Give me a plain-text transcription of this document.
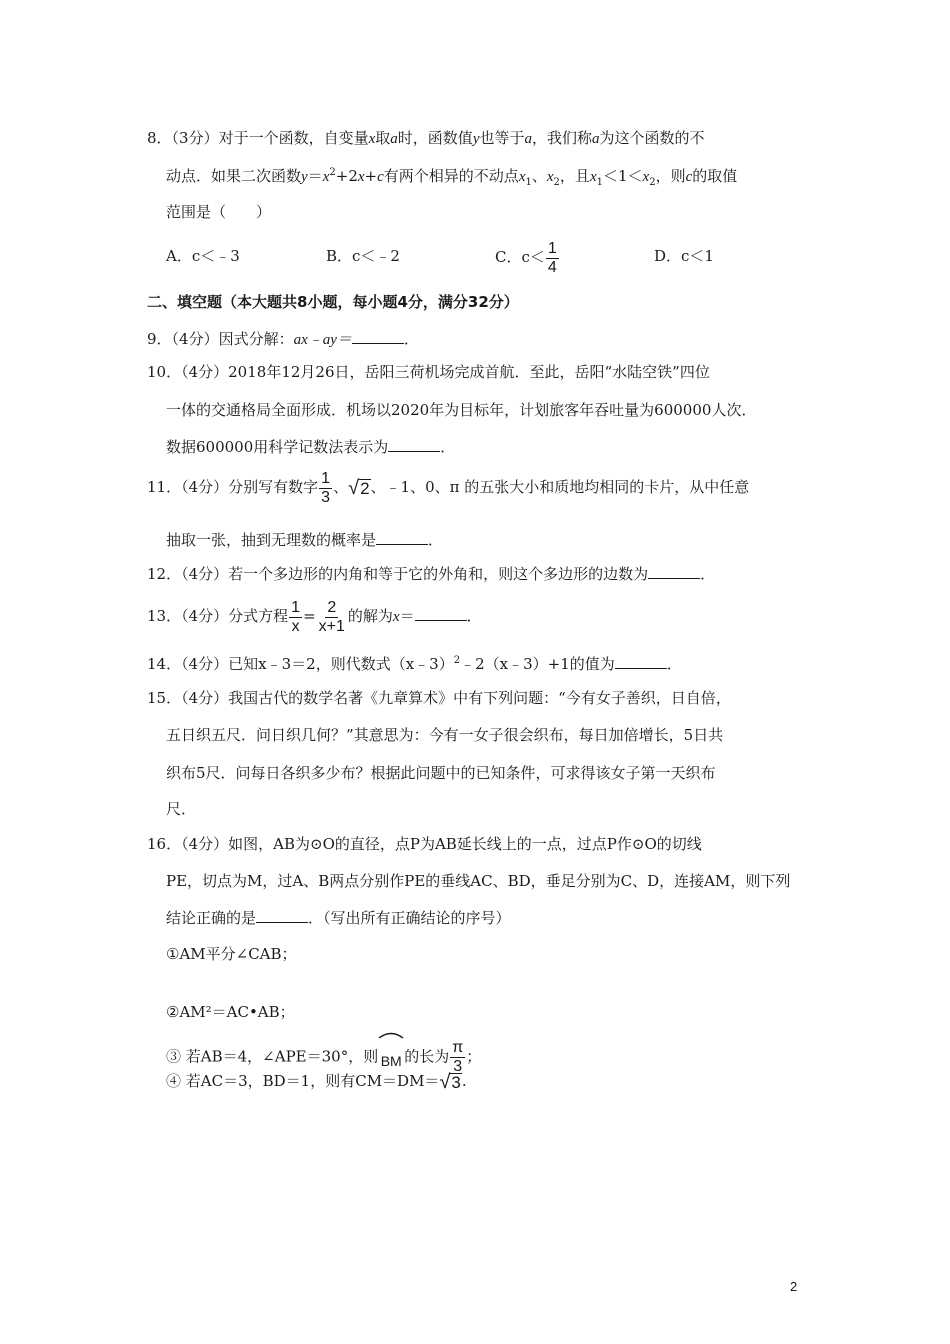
8．（3分）对于一个函数，自变量x取a时，函数值y也等于a，我们称a为这个函数的不
动点．如果二次函数$y=x^2+2x+c$有两个相异的不动点$x_1$、$x_2$，且$x_1<1<x_2$，则c的取值
范围是（　　）
A．c＜﹣3	B．c＜﹣2	C．$c< \frac{1}{4}$	D．c＜1
二、填空题（本大题共8小题，每小题4分，满分32分）
9．（4分）因式分解：ax﹣ay＝	．
10．（4分）2018年12月26日，岳阳三荷机场完成首航．至此，岳阳“水陆空铁”四位
一体的交通格局全面形成．机场以2020年为目标年，计划旅客年吞吐量为600000人次．
数据600000用科学记数法表示为	．
11．（4分）分别写有数字 $\frac{1}{3}$ 、 √ 2 、﹣1、0、π 的五张大小和质地均相同的卡片，从中任意
抽取一张，抽到无理数的概率是	．
12．（4分）若一个多边形的内角和等于它的外角和，则这个多边形的边数为	．
13．（4分）分式方程 $\frac{1}{x} = \frac{2}{x+1}$ 的解为x＝	．
14．（4分）已知x﹣3＝2，则代数式（x﹣3）$^2$﹣2（x﹣3）+1的值为	．
15．（4分）我国古代的数学名著《九章算术》中有下列问题：“今有女子善织，日自倍，
五日织五尺．问日织几何？”其意思为：今有一女子很会织布，每日加倍增长，5日共
织布5尺．问每日各织多少布？根据此问题中的已知条件，可求得该女子第一天织布
尺．
16．（4分）如图，AB为⊙O的直径，点P为AB延长线上的一点，过点P作⊙O的切线
PE，切点为M，过A、B两点分别作PE的垂线AC、BD，垂足分别为C、D，连接AM，则下列
结论正确的是	．（写出所有正确结论的序号）
①AM平分∠CAB；
②AM²＝AC•AB；
③ 若AB＝4，∠APE＝30°，则 BM 的长为 $\frac{\pi}{3}$ ；
④ 若AC＝3，BD＝1，则有CM＝DM＝ √ 3 .
2
